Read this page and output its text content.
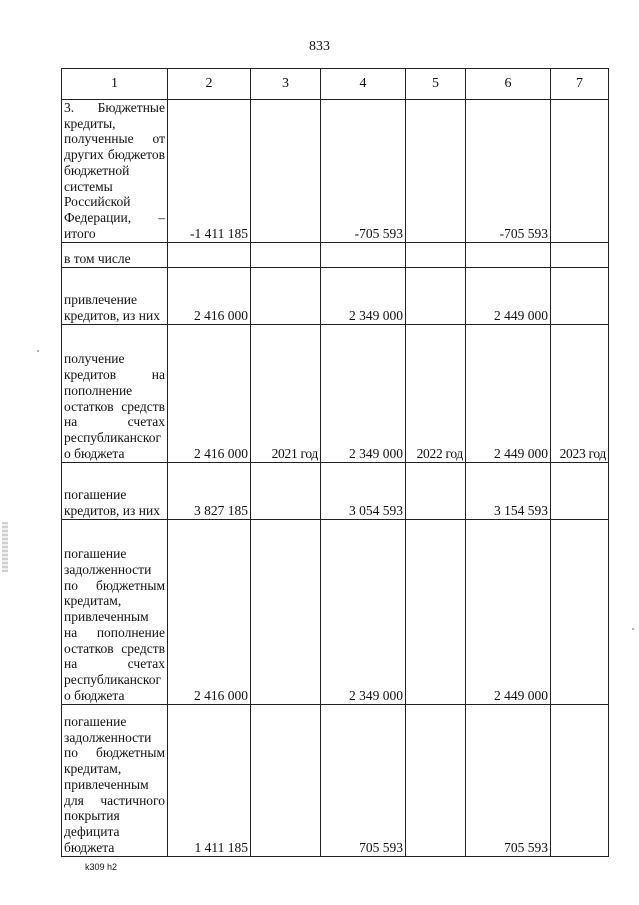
833
1	2	3	4	5	6	7
3. Бюджетные кредиты, полученные от других бюджетов бюджетной системы Российской Федерации, – итого	-1 411 185		-705 593		-705 593	
в том числе						
привлечение кредитов, из них	2 416 000		2 349 000		2 449 000	
получение кредитов на пополнение остатков средств на счетах республиканского бюджета	2 416 000	2021 год	2 349 000	2022 год	2 449 000	2023 год
погашение кредитов, из них	3 827 185		3 054 593		3 154 593	
погашение задолженности по бюджетным кредитам, привлеченным на пополнение остатков средств на счетах республиканского бюджета	2 416 000		2 349 000		2 449 000	
погашение задолженности по бюджетным кредитам, привлеченным для частичного покрытия дефицита бюджета	1 411 185		705 593		705 593	
k309 h2
